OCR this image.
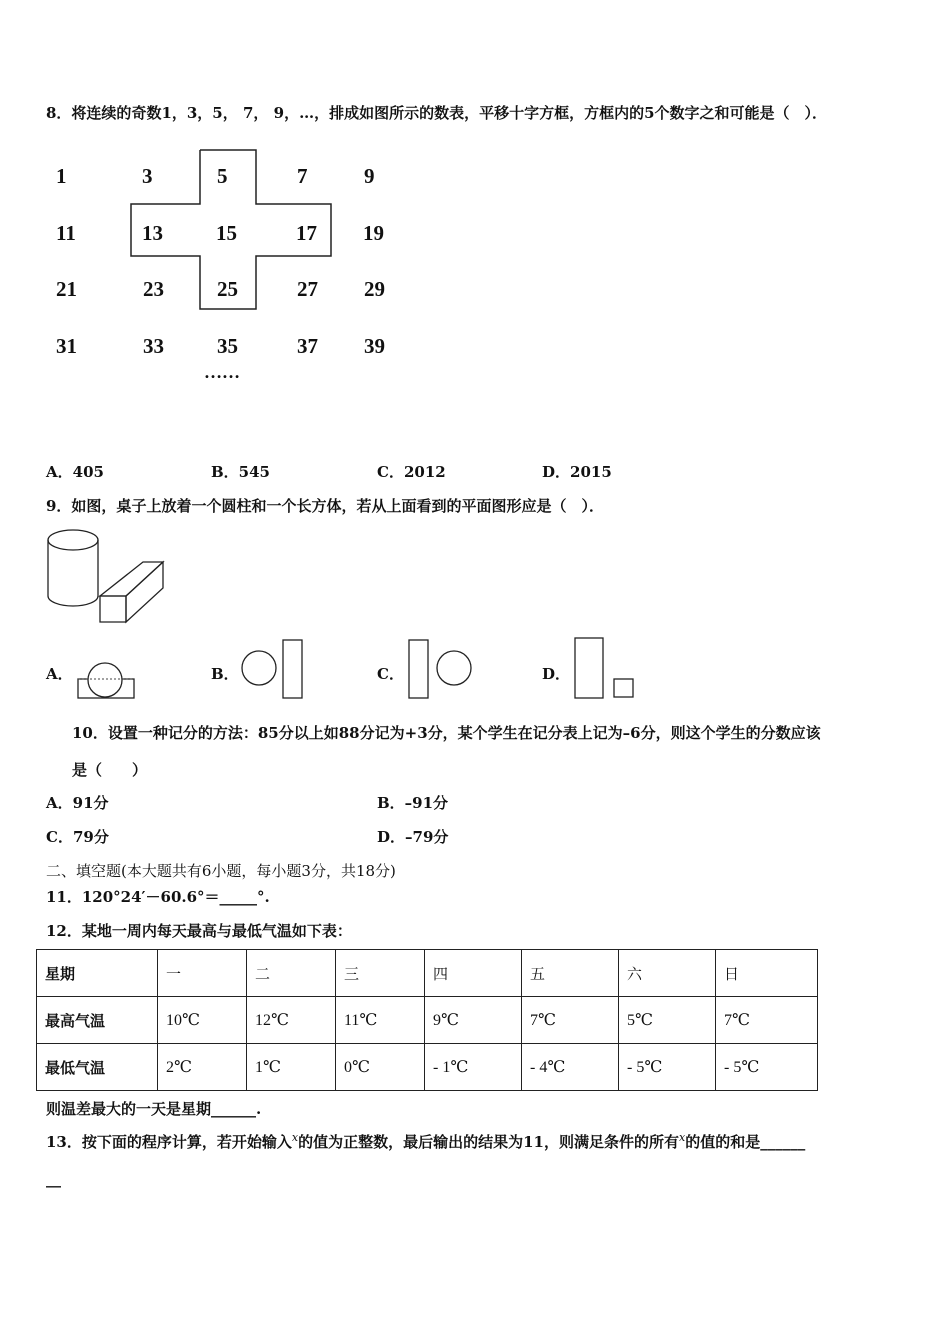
8．将连续的奇数1，3，5， 7， 9，…，排成如图所示的数表，平移十字方框，方框内的5个数字之和可能是（　）．
1	3	5	7	9
11	13	15	17 19
21	23	25	27 29
31	33	35	37 39
……
A．405	B．545	C．2012	D．2015
9．如图，桌子上放着一个圆柱和一个长方体，若从上面看到的平面图形应是（　）．
A．	B．	C．	D．
10．设置一种记分的方法：85分以上如88分记为+3分，某个学生在记分表上记为–6分，则这个学生的分数应该
是（　　）
A．91分	B．–91分
C．79分	D．–79分
二、填空题(本大题共有6小题，每小题3分，共18分)
11．120°24′－60.6°＝_____°.
12．某地一周内每天最高与最低气温如下表：
星期	一	二	三	四	五	六	日
最高气温	10℃	12℃	11℃	9℃	7℃	5℃	7℃
最低气温	2℃	1℃	0℃	- 1℃	- 4℃	- 5℃	- 5℃
则温差最大的一天是星期______.
13．按下面的程序计算，若开始输入$^x$的值为正整数，最后输出的结果为11，则满足条件的所有$^x$的值的和是______
__
